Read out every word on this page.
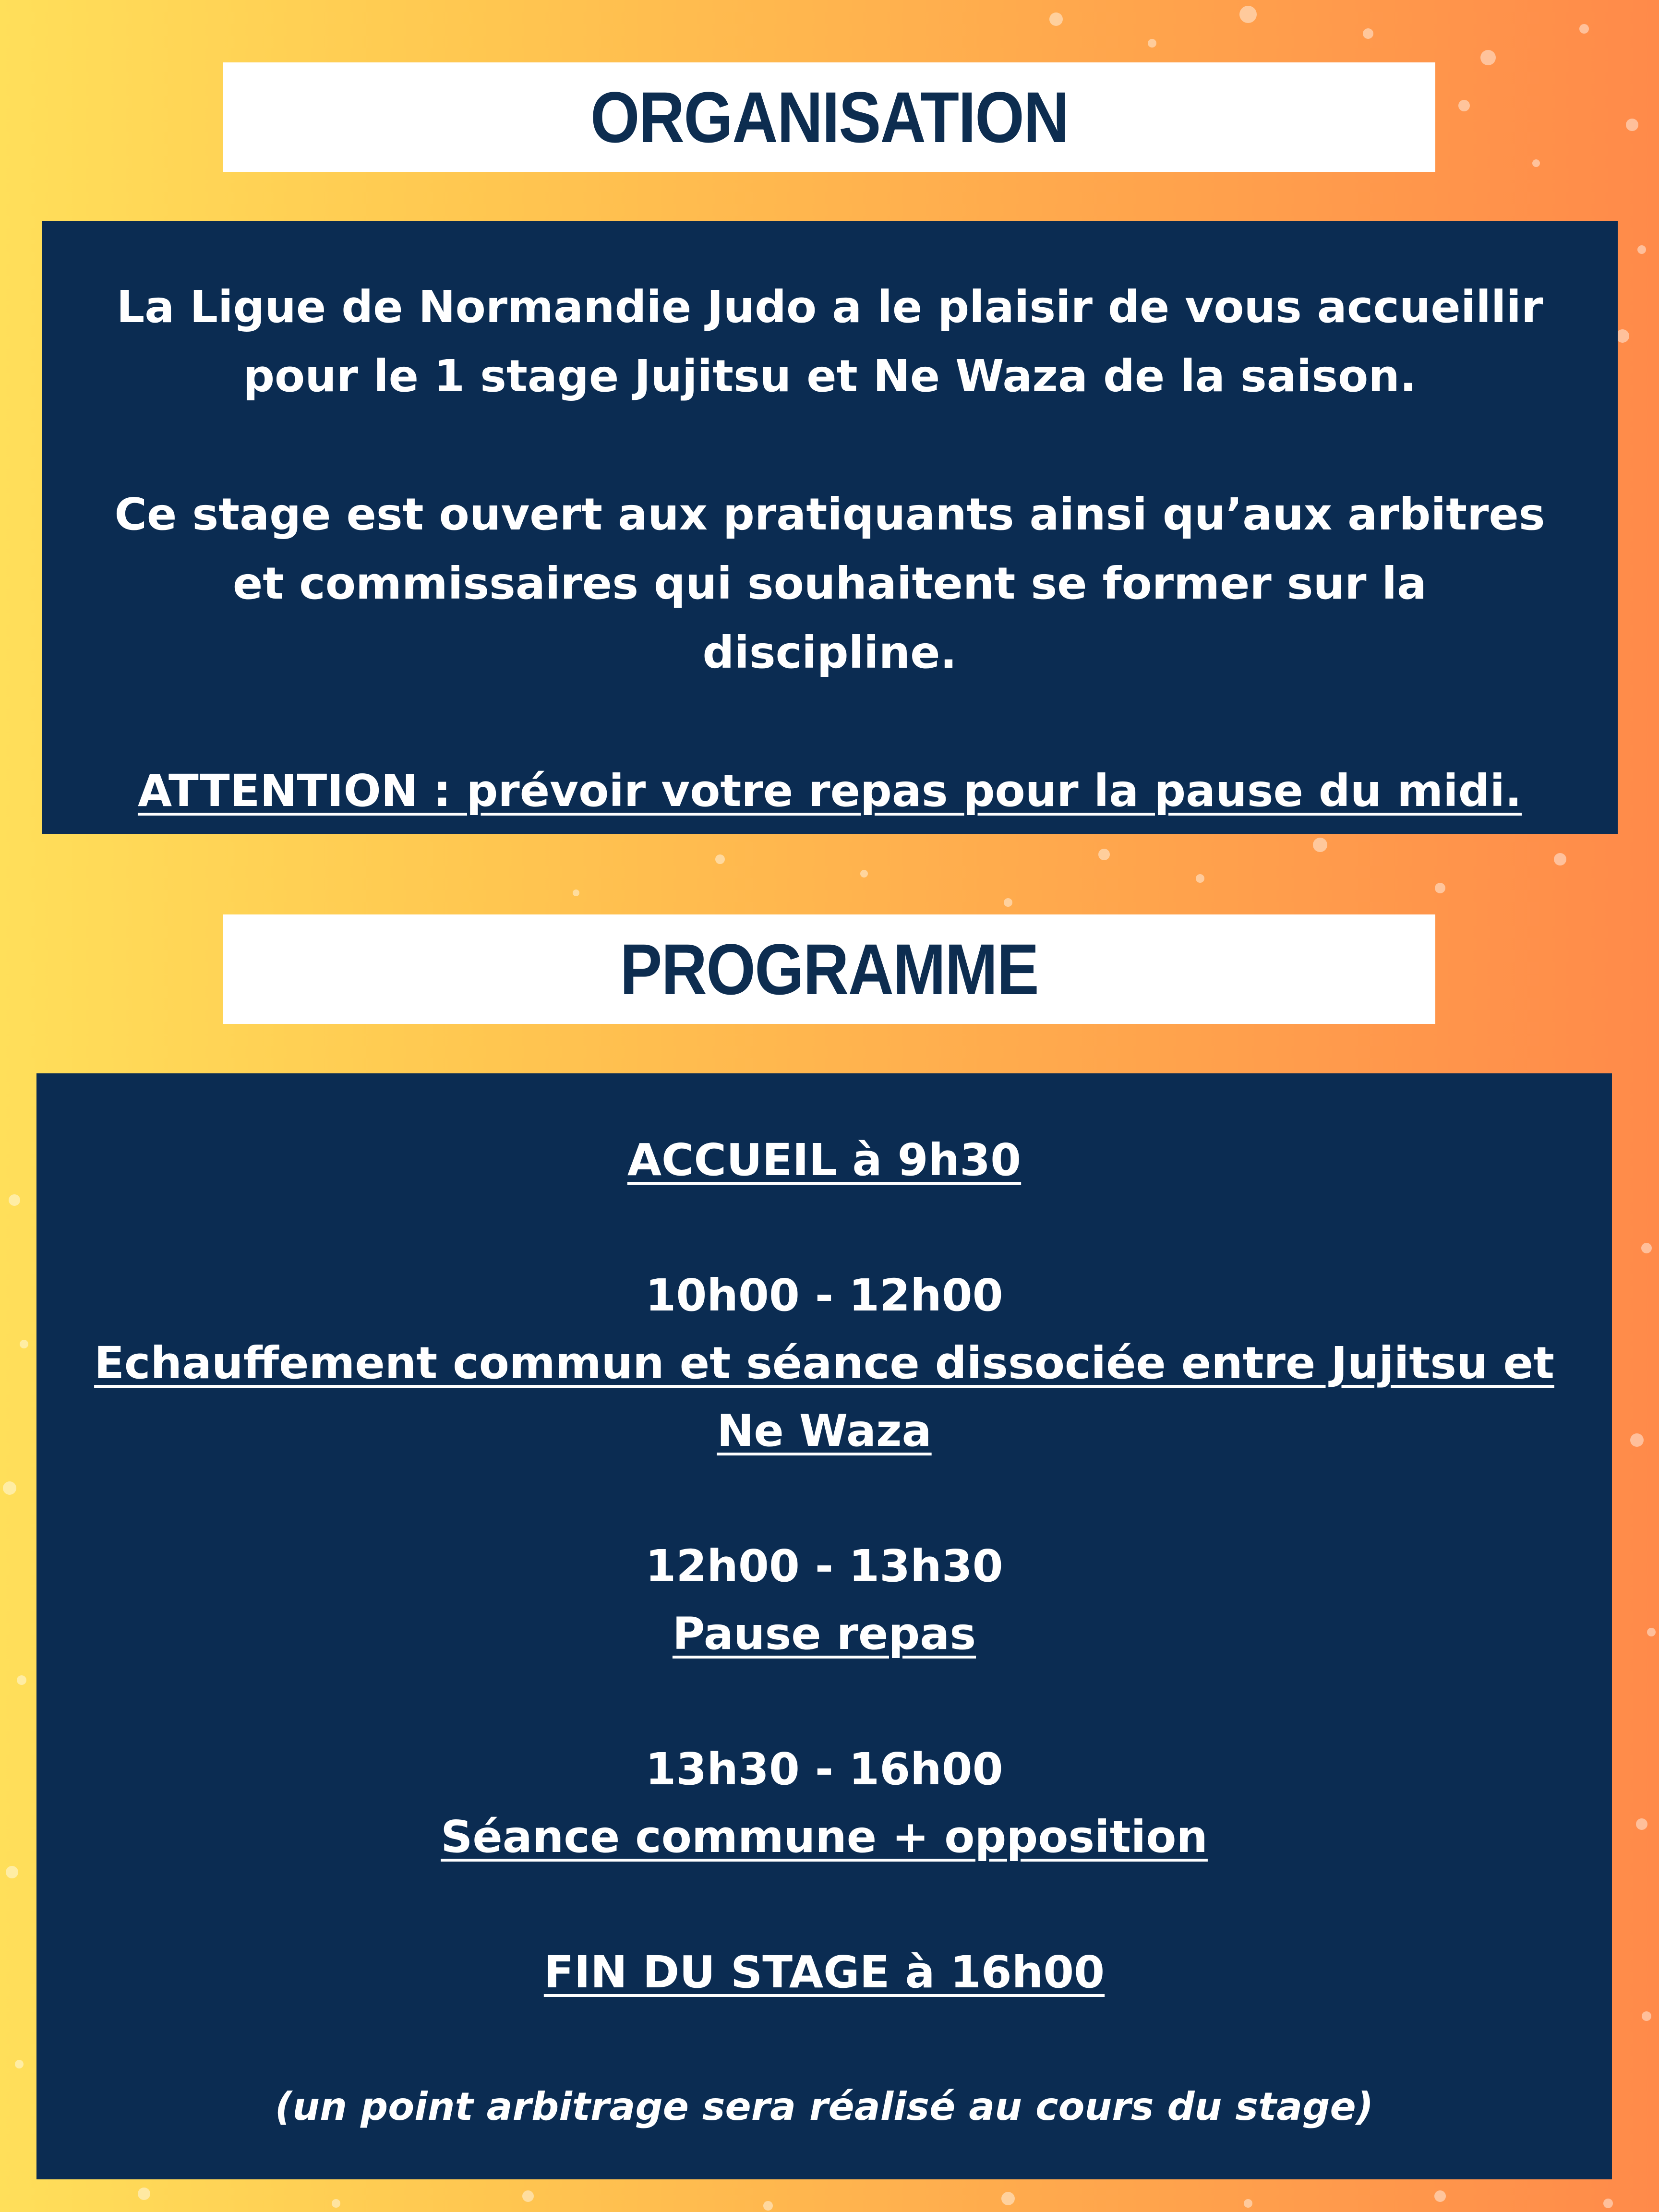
ORGANISATION

La Ligue de Normandie Judo a le plaisir de vous accueillir pour le 1 stage Jujitsu et Ne Waza de la saison.

Ce stage est ouvert aux pratiquants ainsi qu’aux arbitres et commissaires qui souhaitent se former sur la discipline.

ATTENTION : prévoir votre repas pour la pause du midi.

PROGRAMME

ACCUEIL à 9h30

10h00 - 12h00

Echauffement commun et séance dissociée entre Jujitsu et Ne Waza

12h00 - 13h30

Pause repas

13h30 - 16h00

Séance commune + opposition

FIN DU STAGE à 16h00

(un point arbitrage sera réalisé au cours du stage)
